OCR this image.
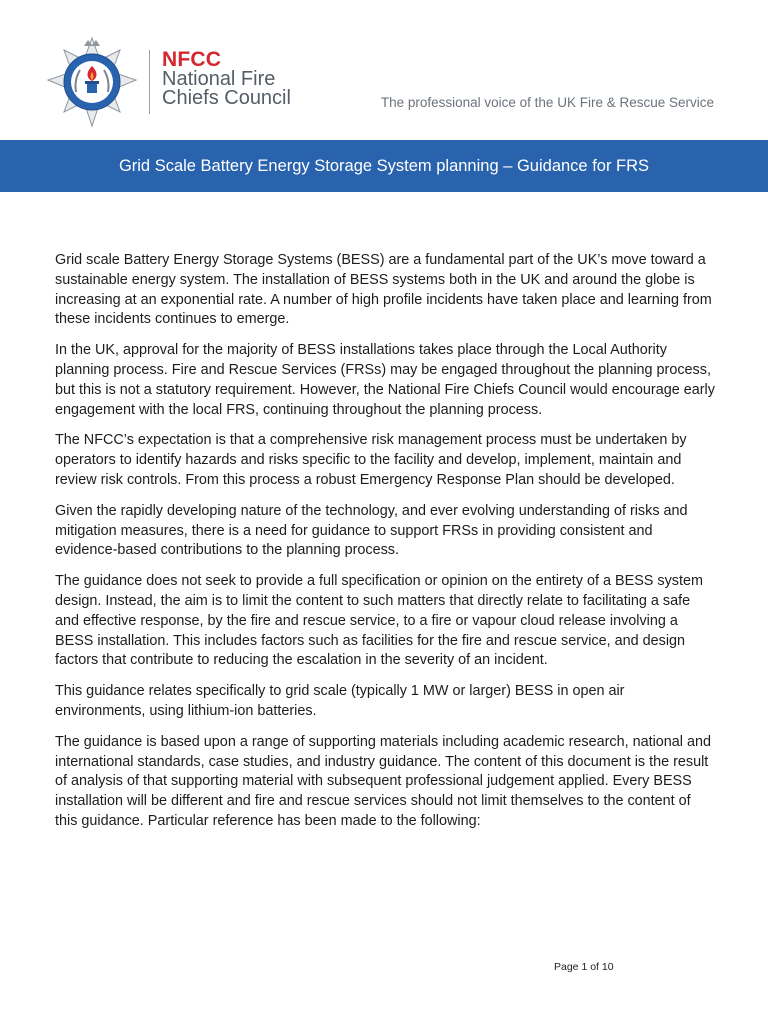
NFCC
National Fire
Chiefs Council	The professional voice of the UK Fire & Rescue Service
Grid Scale Battery Energy Storage System planning – Guidance for FRS

Grid scale Battery Energy Storage Systems (BESS) are a fundamental part of the UK’s move toward a sustainable energy system. The installation of BESS systems both in the UK and around the globe is increasing at an exponential rate. A number of high profile incidents have taken place and learning from these incidents continues to emerge.

In the UK, approval for the majority of BESS installations takes place through the Local Authority planning process. Fire and Rescue Services (FRSs) may be engaged throughout the planning process, but this is not a statutory requirement. However, the National Fire Chiefs Council would encourage early engagement with the local FRS, continuing throughout the planning process.

The NFCC’s expectation is that a comprehensive risk management process must be undertaken by operators to identify hazards and risks specific to the facility and develop, implement, maintain and review risk controls. From this process a robust Emergency Response Plan should be developed.

Given the rapidly developing nature of the technology, and ever evolving understanding of risks and mitigation measures, there is a need for guidance to support FRSs in providing consistent and evidence-based contributions to the planning process.

The guidance does not seek to provide a full specification or opinion on the entirety of a BESS system design. Instead, the aim is to limit the content to such matters that directly relate to facilitating a safe and effective response, by the fire and rescue service, to a fire or vapour cloud release involving a BESS installation. This includes factors such as facilities for the fire and rescue service, and design factors that contribute to reducing the escalation in the severity of an incident.

This guidance relates specifically to grid scale (typically 1 MW or larger) BESS in open air environments, using lithium-ion batteries.

The guidance is based upon a range of supporting materials including academic research, national and international standards, case studies, and industry guidance. The content of this document is the result of analysis of that supporting material with subsequent professional judgement applied. Every BESS installation will be different and fire and rescue services should not limit themselves to the content of this guidance. Particular reference has been made to the following:

Page 1 of 10
